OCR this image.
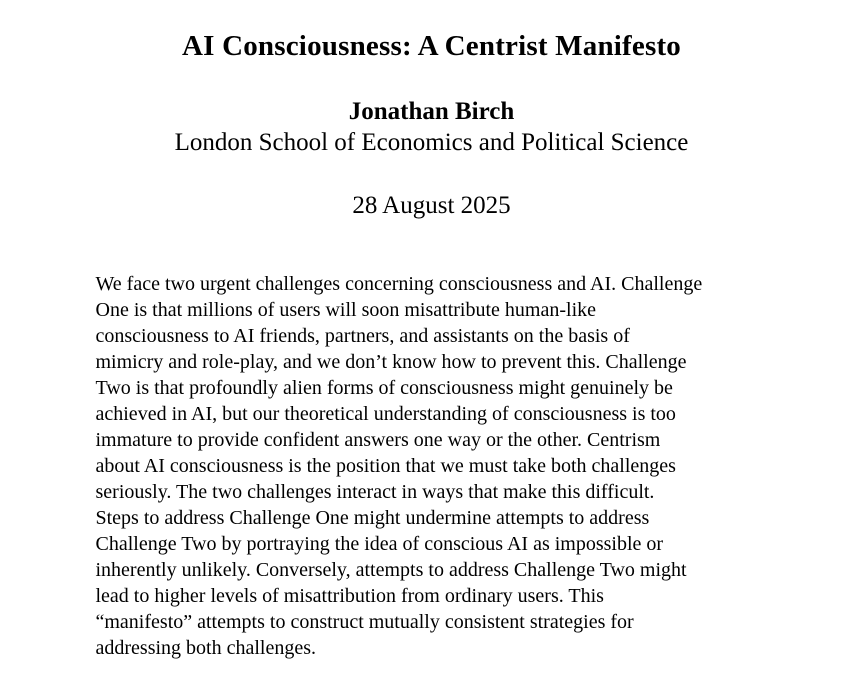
AI Consciousness: A Centrist Manifesto
Jonathan Birch
London School of Economics and Political Science
28 August 2025
We face two urgent challenges concerning consciousness and AI. Challenge
One is that millions of users will soon misattribute human-like
consciousness to AI friends, partners, and assistants on the basis of
mimicry and role-play, and we don’t know how to prevent this. Challenge
Two is that profoundly alien forms of consciousness might genuinely be
achieved in AI, but our theoretical understanding of consciousness is too
immature to provide confident answers one way or the other. Centrism
about AI consciousness is the position that we must take both challenges
seriously. The two challenges interact in ways that make this difficult.
Steps to address Challenge One might undermine attempts to address
Challenge Two by portraying the idea of conscious AI as impossible or
inherently unlikely. Conversely, attempts to address Challenge Two might
lead to higher levels of misattribution from ordinary users. This
“manifesto” attempts to construct mutually consistent strategies for
addressing both challenges.
